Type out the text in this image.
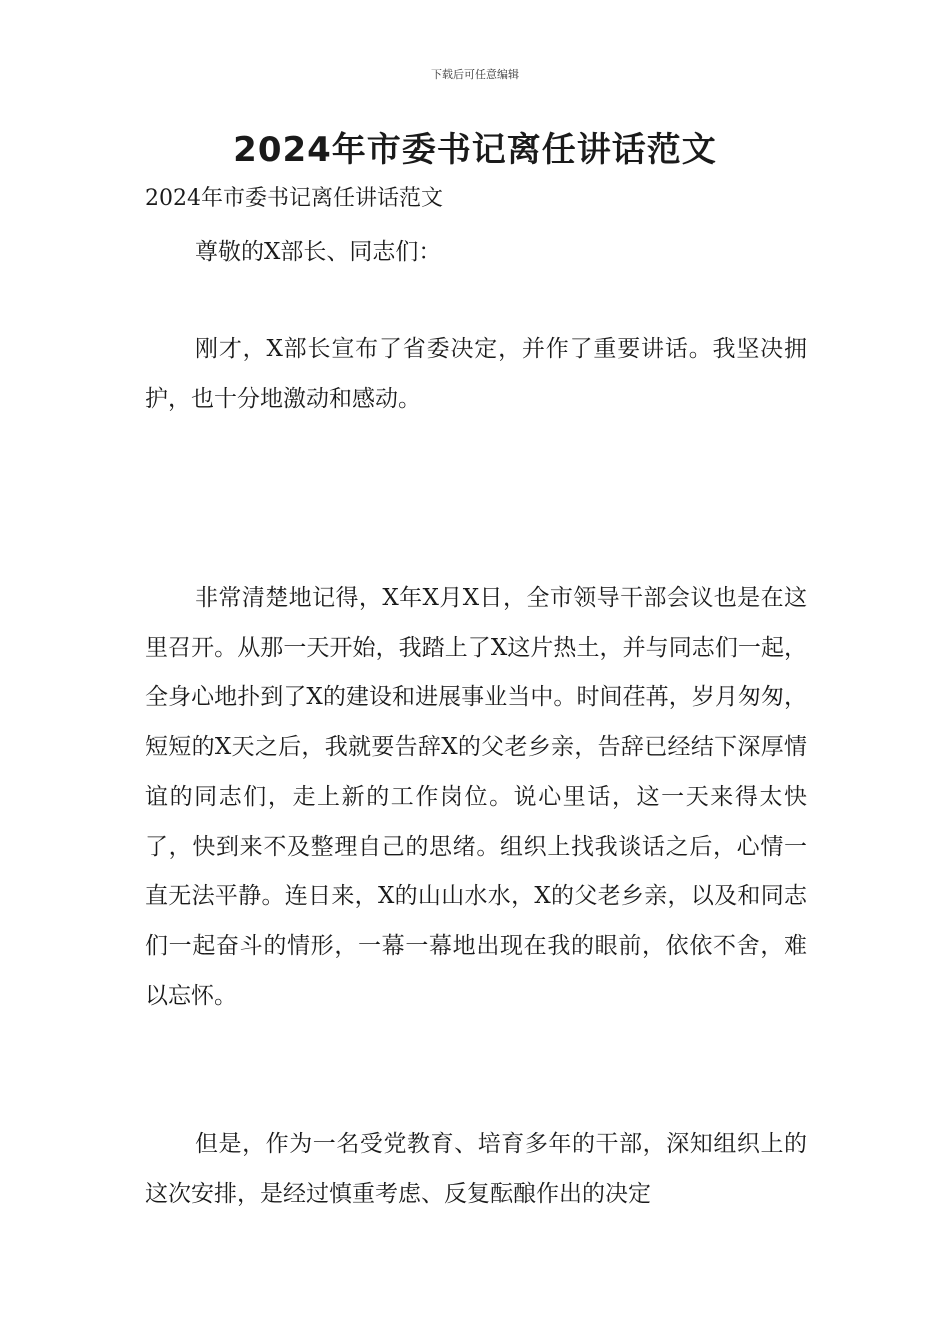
下载后可任意编辑
2024年市委书记离任讲话范文
2024年市委书记离任讲话范文

尊敬的X部长、同志们：

刚才，X部长宣布了省委决定，并作了重要讲话。我坚决拥护，也十分地激动和感动。

非常清楚地记得，X年X月X日，全市领导干部会议也是在这里召开。从那一天开始，我踏上了X这片热土，并与同志们一起，全身心地扑到了X的建设和进展事业当中。时间荏苒，岁月匆匆，短短的X天之后，我就要告辞X的父老乡亲，告辞已经结下深厚情谊的同志们，走上新的工作岗位。说心里话，这一天来得太快了，快到来不及整理自己的思绪。组织上找我谈话之后，心情一直无法平静。连日来，X的山山水水，X的父老乡亲，以及和同志们一起奋斗的情形，一幕一幕地出现在我的眼前，依依不舍，难以忘怀。

但是，作为一名受党教育、培育多年的干部，深知组织上的这次安排，是经过慎重考虑、反复酝酿作出的决定
